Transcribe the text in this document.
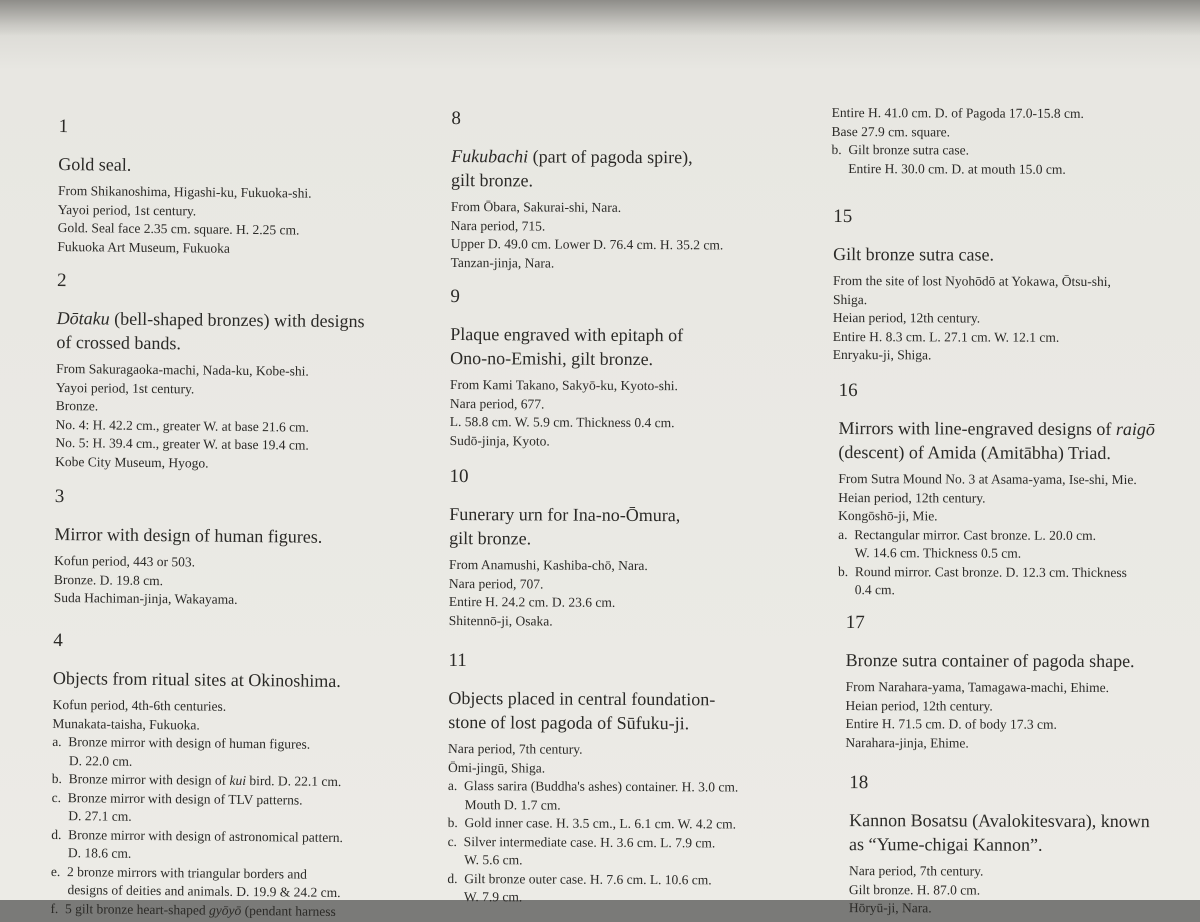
1
Gold seal.
From Shikanoshima, Higashi-ku, Fukuoka-shi.
Yayoi period, 1st century.
Gold. Seal face 2.35 cm. square. H. 2.25 cm.
Fukuoka Art Museum, Fukuoka
2
Dōtaku (bell-shaped bronzes) with designs
of crossed bands.
From Sakuragaoka-machi, Nada-ku, Kobe-shi.
Yayoi period, 1st century.
Bronze.
No. 4: H. 42.2 cm., greater W. at base 21.6 cm.
No. 5: H. 39.4 cm., greater W. at base 19.4 cm.
Kobe City Museum, Hyogo.
3
Mirror with design of human figures.
Kofun period, 443 or 503.
Bronze. D. 19.8 cm.
Suda Hachiman-jinja, Wakayama.
4
Objects from ritual sites at Okinoshima.
Kofun period, 4th-6th centuries.
Munakata-taisha, Fukuoka.
a.  Bronze mirror with design of human figures.
D. 22.0 cm.
b.  Bronze mirror with design of kui bird. D. 22.1 cm.
c.  Bronze mirror with design of TLV patterns.
D. 27.1 cm.
d.  Bronze mirror with design of astronomical pattern.
D. 18.6 cm.
e.  2 bronze mirrors with triangular borders and
designs of deities and animals. D. 19.9 & 24.2 cm.
f.  5 gilt bronze heart-shaped gyōyō (pendant harness
8
Fukubachi (part of pagoda spire),
gilt bronze.
From Ōbara, Sakurai-shi, Nara.
Nara period, 715.
Upper D. 49.0 cm. Lower D. 76.4 cm. H. 35.2 cm.
Tanzan-jinja, Nara.
9
Plaque engraved with epitaph of
Ono-no-Emishi, gilt bronze.
From Kami Takano, Sakyō-ku, Kyoto-shi.
Nara period, 677.
L. 58.8 cm. W. 5.9 cm. Thickness 0.4 cm.
Sudō-jinja, Kyoto.
10
Funerary urn for Ina-no-Ōmura,
gilt bronze.
From Anamushi, Kashiba-chō, Nara.
Nara period, 707.
Entire H. 24.2 cm. D. 23.6 cm.
Shitennō-ji, Osaka.
11
Objects placed in central foundation-
stone of lost pagoda of Sūfuku-ji.
Nara period, 7th century.
Ōmi-jingū, Shiga.
a.  Glass sarira (Buddha's ashes) container. H. 3.0 cm.
Mouth D. 1.7 cm.
b.  Gold inner case. H. 3.5 cm., L. 6.1 cm. W. 4.2 cm.
c.  Silver intermediate case. H. 3.6 cm. L. 7.9 cm.
W. 5.6 cm.
d.  Gilt bronze outer case. H. 7.6 cm. L. 10.6 cm.
W. 7.9 cm.
Entire H. 41.0 cm. D. of Pagoda 17.0-15.8 cm.
Base 27.9 cm. square.
b.  Gilt bronze sutra case.
Entire H. 30.0 cm. D. at mouth 15.0 cm.
15
Gilt bronze sutra case.
From the site of lost Nyohōdō at Yokawa, Ōtsu-shi,
Shiga.
Heian period, 12th century.
Entire H. 8.3 cm. L. 27.1 cm. W. 12.1 cm.
Enryaku-ji, Shiga.
16
Mirrors with line-engraved designs of raigō
(descent) of Amida (Amitābha) Triad.
From Sutra Mound No. 3 at Asama-yama, Ise-shi, Mie.
Heian period, 12th century.
Kongōshō-ji, Mie.
a.  Rectangular mirror. Cast bronze. L. 20.0 cm.
W. 14.6 cm. Thickness 0.5 cm.
b.  Round mirror. Cast bronze. D. 12.3 cm. Thickness
0.4 cm.
17
Bronze sutra container of pagoda shape.
From Narahara-yama, Tamagawa-machi, Ehime.
Heian period, 12th century.
Entire H. 71.5 cm. D. of body 17.3 cm.
Narahara-jinja, Ehime.
18
Kannon Bosatsu (Avalokitesvara), known
as “Yume-chigai Kannon”.
Nara period, 7th century.
Gilt bronze. H. 87.0 cm.
Hōryū-ji, Nara.
